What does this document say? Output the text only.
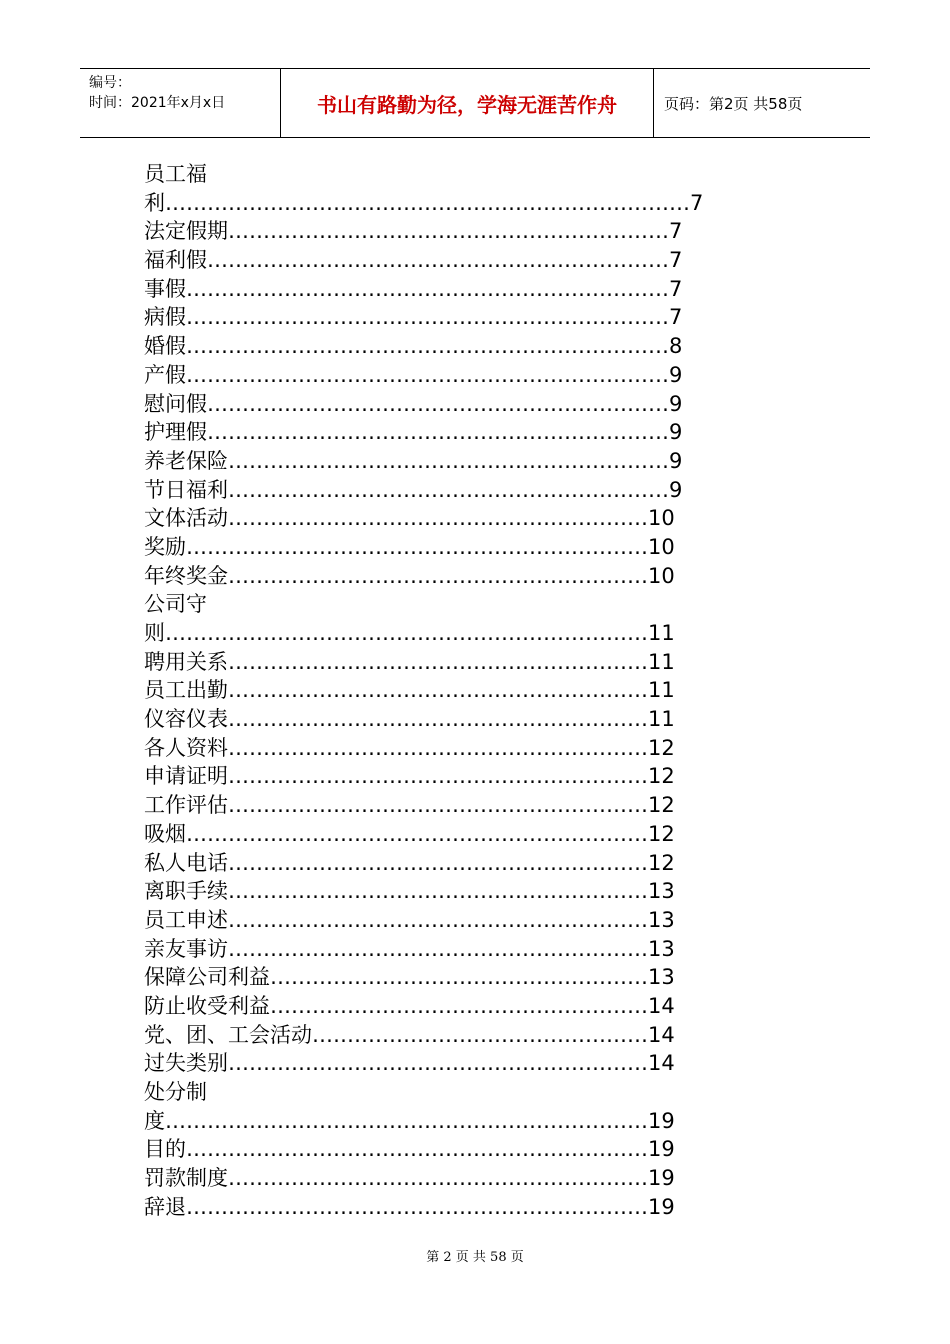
编号：
时间：2021年x月x日	书山有路勤为径，学海无涯苦作舟	页码：第2页 共58页
员工福
利…………………………………………………………………7
法定假期………………………………………………………7
福利假…………………………………………………………7
事假……………………………………………………………7
病假……………………………………………………………7
婚假……………………………………………………………8
产假……………………………………………………………9
慰问假…………………………………………………………9
护理假…………………………………………………………9
养老保险………………………………………………………9
节日福利………………………………………………………9
文体活动……………………………………………………10
奖励…………………………………………………………10
年终奖金……………………………………………………10
公司守
则……………………………………………………………11
聘用关系……………………………………………………11
员工出勤……………………………………………………11
仪容仪表……………………………………………………11
各人资料……………………………………………………12
申请证明……………………………………………………12
工作评估……………………………………………………12
吸烟…………………………………………………………12
私人电话……………………………………………………12
离职手续……………………………………………………13
员工申述……………………………………………………13
亲友事访……………………………………………………13
保障公司利益………………………………………………13
防止收受利益………………………………………………14
党、团、工会活动…………………………………………14
过失类别……………………………………………………14
处分制
度……………………………………………………………19
目的…………………………………………………………19
罚款制度……………………………………………………19
辞退…………………………………………………………19
第 2 页 共 58 页
